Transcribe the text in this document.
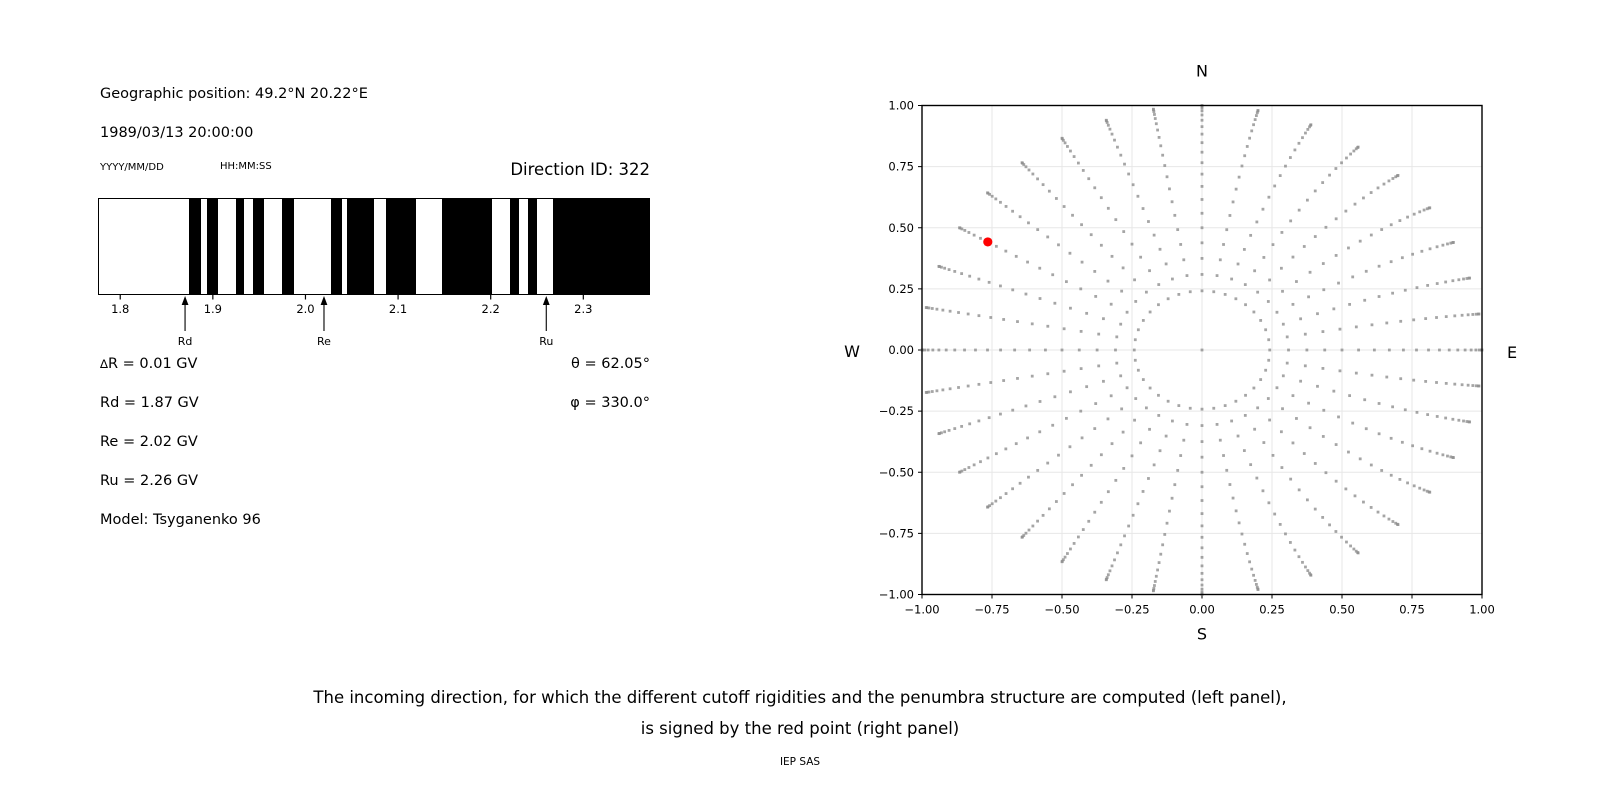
Geographic position: 49.2°N 20.22°E
1989/03/13 20:00:00
YYYY/MM/DD	HH:MM:SS	Direction ID: 322
1.8	1.9	2.0	2.1	2.2	2.3
Rd	Re	Ru
∆R = 0.01 GV
Rd = 1.87 GV
Re = 2.02 GV
Ru = 2.26 GV
Model: Tsyganenko 96
θ = 62.05°
φ = 330.0°
−1.00	−0.75	−0.50	−0.25	0.00	0.25	0.50	0.75	1.00
−1.00
−0.75
−0.50
−0.25
0.00
0.25
0.50
0.75
1.00
N
S
W	E
The incoming direction, for which the different cutoff rigidities and the penumbra structure are computed (left panel),
is signed by the red point (right panel)
IEP SAS
